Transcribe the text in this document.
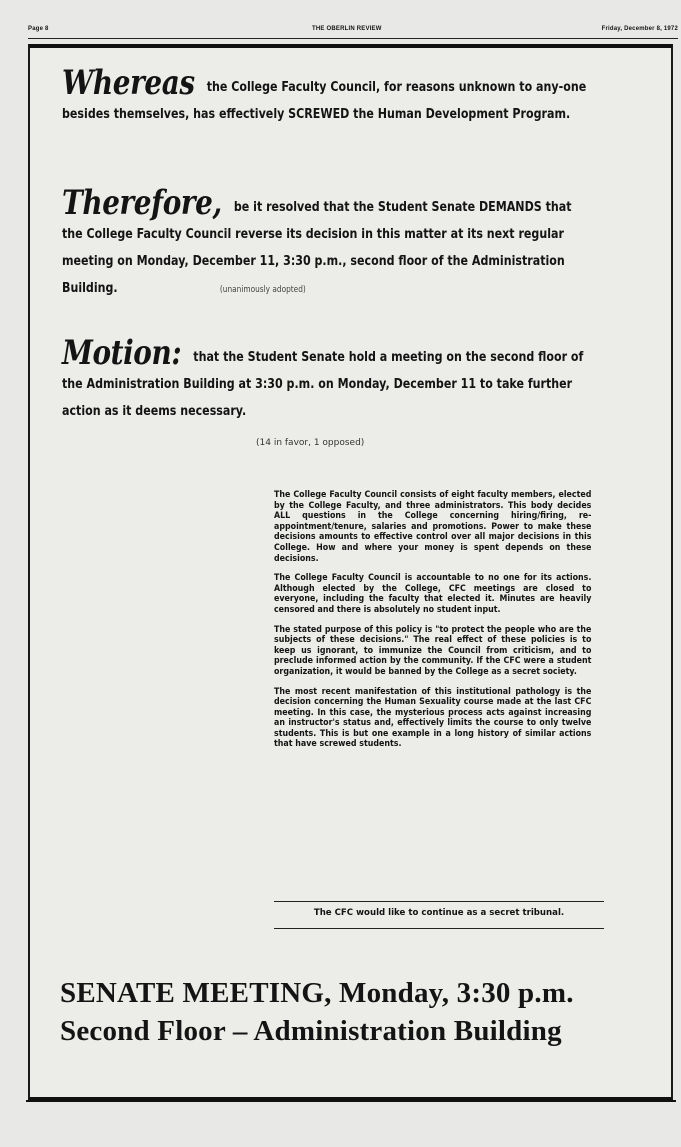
Page 8	THE OBERLIN REVIEW	Friday, December 8, 1972
Whereas the College Faculty Council, for reasons unknown to any-one besides themselves, has effectively SCREWED the Human Development Program.
Therefore, be it resolved that the Student Senate DEMANDS that the College Faculty Council reverse its decision in this matter at its next regular meeting on Monday, December 11, 3:30 p.m., second floor of the Administration Building.	(unanimously adopted)
Motion: that the Student Senate hold a meeting on the second floor of the Administration Building at 3:30 p.m. on Monday, December 11 to take further action as it deems necessary.
(14 in favor, 1 opposed)

The College Faculty Council consists of eight faculty members, elected by the College Faculty, and three administrators. This body decides ALL questions in the College concerning hiring/firing, re-appointment/tenure, salaries and promotions. Power to make these decisions amounts to effective control over all major decisions in this College. How and where your money is spent depends on these decisions.

The College Faculty Council is accountable to no one for its actions. Although elected by the College, CFC meetings are closed to everyone, including the faculty that elected it. Minutes are heavily censored and there is absolutely no student input.

The stated purpose of this policy is "to protect the people who are the subjects of these decisions." The real effect of these policies is to keep us ignorant, to immunize the Council from criticism, and to preclude informed action by the community. If the CFC were a student organization, it would be banned by the College as a secret society.

The most recent manifestation of this institutional pathology is the decision concerning the Human Sexuality course made at the last CFC meeting. In this case, the mysterious process acts against increasing an instructor's status and, effectively limits the course to only twelve students. This is but one example in a long history of similar actions that have screwed students.

The CFC would like to continue as a secret tribunal.
SENATE MEETING, Monday, 3:30 p.m.
Second Floor – Administration Building
